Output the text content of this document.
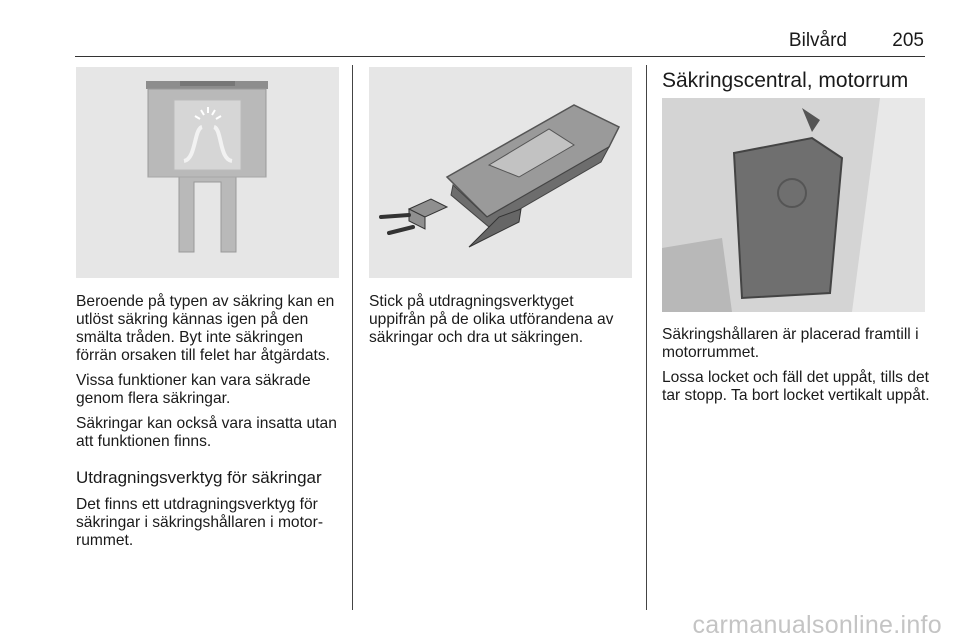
Bilvård 205

Beroende på typen av säkring kan en utlöst säkring kännas igen på den smälta tråden. Byt inte säkringen förrän orsaken till felet har åtgärdats.

Vissa funktioner kan vara säkrade genom flera säkringar.

Säkringar kan också vara insatta utan att funktionen finns.

Utdragningsverktyg för säkringar

Det finns ett utdragningsverktyg för säkringar i säkringshållaren i motorrummet.

Stick på utdragningsverktyget uppifrån på de olika utförandena av säkringar och dra ut säkringen.

Säkringscentral, motorrum

Säkringshållaren är placerad framtill i motorrummet.

Lossa locket och fäll det uppåt, tills det tar stopp. Ta bort locket vertikalt uppåt.

carmanualsonline.info
